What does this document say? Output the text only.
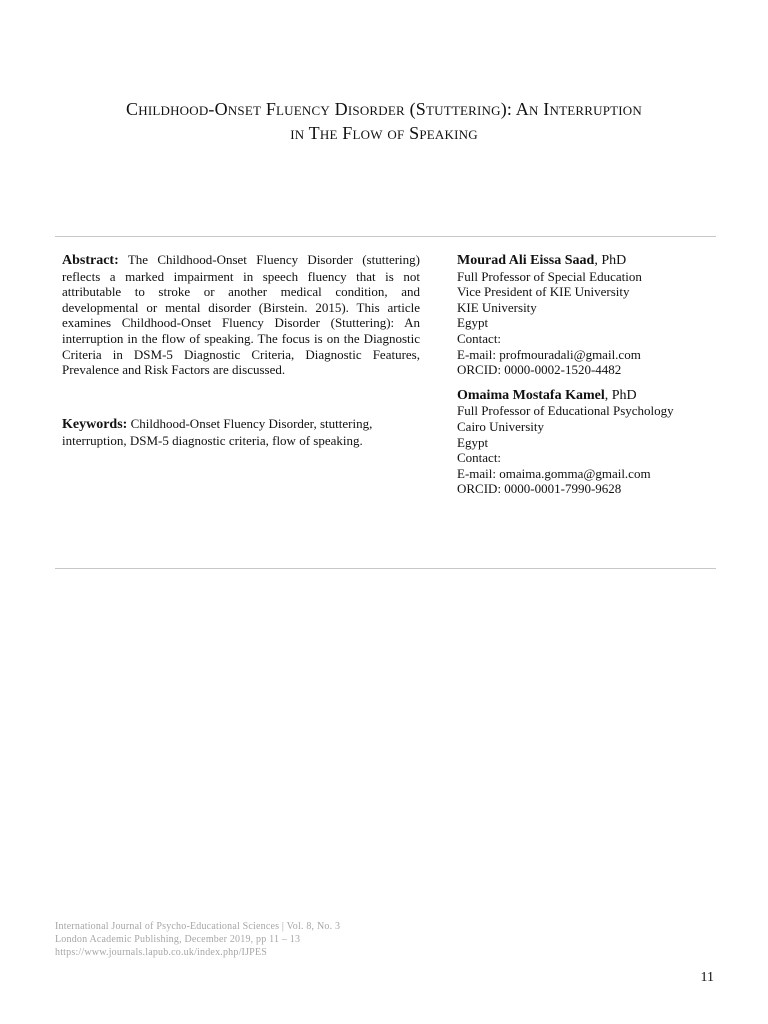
Childhood-Onset Fluency Disorder (Stuttering): An Interruption
in The Flow of Speaking
Abstract: The Childhood-Onset Fluency Disorder (stuttering) reflects a marked impairment in speech fluency that is not attributable to stroke or another medical condition, and developmental or mental disorder (Birstein. 2015). This article examines Childhood-Onset Fluency Disorder (Stuttering): An interruption in the flow of speaking. The focus is on the Diagnostic Criteria in DSM-5 Diagnostic Criteria, Diagnostic Features, Prevalence and Risk Factors are discussed.
Keywords: Childhood-Onset Fluency Disorder, stuttering, interruption, DSM-5 diagnostic criteria, flow of speaking.
Mourad Ali Eissa Saad, PhD
Full Professor of Special Education
Vice President of KIE University
KIE University
Egypt
Contact:
E-mail: profmouradali@gmail.com
ORCID: 0000-0002-1520-4482
Omaima Mostafa Kamel, PhD
Full Professor of Educational Psychology
Cairo University
Egypt
Contact:
E-mail: omaima.gomma@gmail.com
ORCID: 0000-0001-7990-9628
International Journal of Psycho-Educational Sciences | Vol. 8, No. 3
London Academic Publishing, December 2019, pp 11 – 13
https://www.journals.lapub.co.uk/index.php/IJPES
11
